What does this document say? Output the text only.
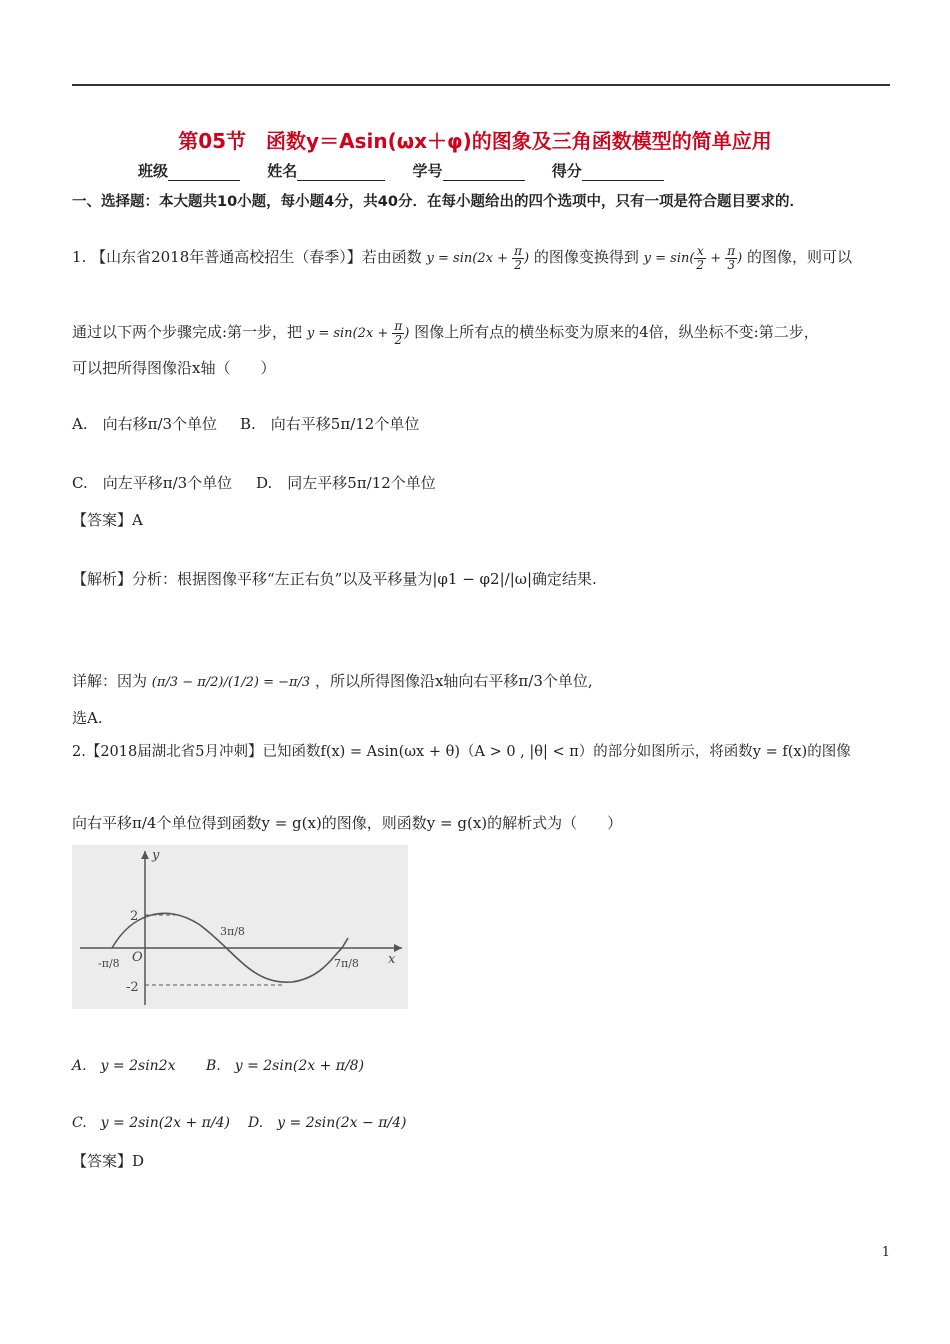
第05节　函数y＝Asin(ωx＋φ)的图象及三角函数模型的简单应用
班级	姓名	学号	得分
一、选择题：本大题共10小题，每小题4分，共40分．在每小题给出的四个选项中，只有一项是符合题目要求的．
1. 【山东省2018年普通高校招生（春季）】若由函数 $y = \sin(2x + \frac{\pi}{2}$ ) 的图像变换得到 $y = \sin( \frac{x}{2} + \frac{\pi}{3}$ ) 的图像，则可以
通过以下两个步骤完成:第一步，把 $y = \sin(2x + \frac{\pi}{2}$ ) 图像上所有点的横坐标变为原来的4倍，纵坐标不变:第二步，
可以把所得图像沿x轴（　　）
A.　向右移π/3个单位 B.　向右平移5π/12个单位
C.　向左平移π/3个单位 D.　同左平移5π/12个单位
【答案】A
【解析】分析：根据图像平移“左正右负”以及平移量为|φ1 − φ2|/|ω|确定结果.
详解：因为 (π/3 − π/2)/(1/2) = −π/3 ，所以所得图像沿x轴向右平移π/3个单位,
选A.
2.【2018届湖北省5月冲刺】已知函数f(x) = Asin(ωx + θ)（A > 0 , |θ| < π）的部分如图所示，将函数y = f(x)的图像
向右平移π/4个单位得到函数y = g(x)的图像，则函数y = g(x)的解析式为（　　）
y
x
O
2
-2
-π/8
3π/8
7π/8
A.　y = 2sin2x B.　y = 2sin(2x + π/8)
C.　y = 2sin(2x + π/4) D.　y = 2sin(2x − π/4)
【答案】D
1
